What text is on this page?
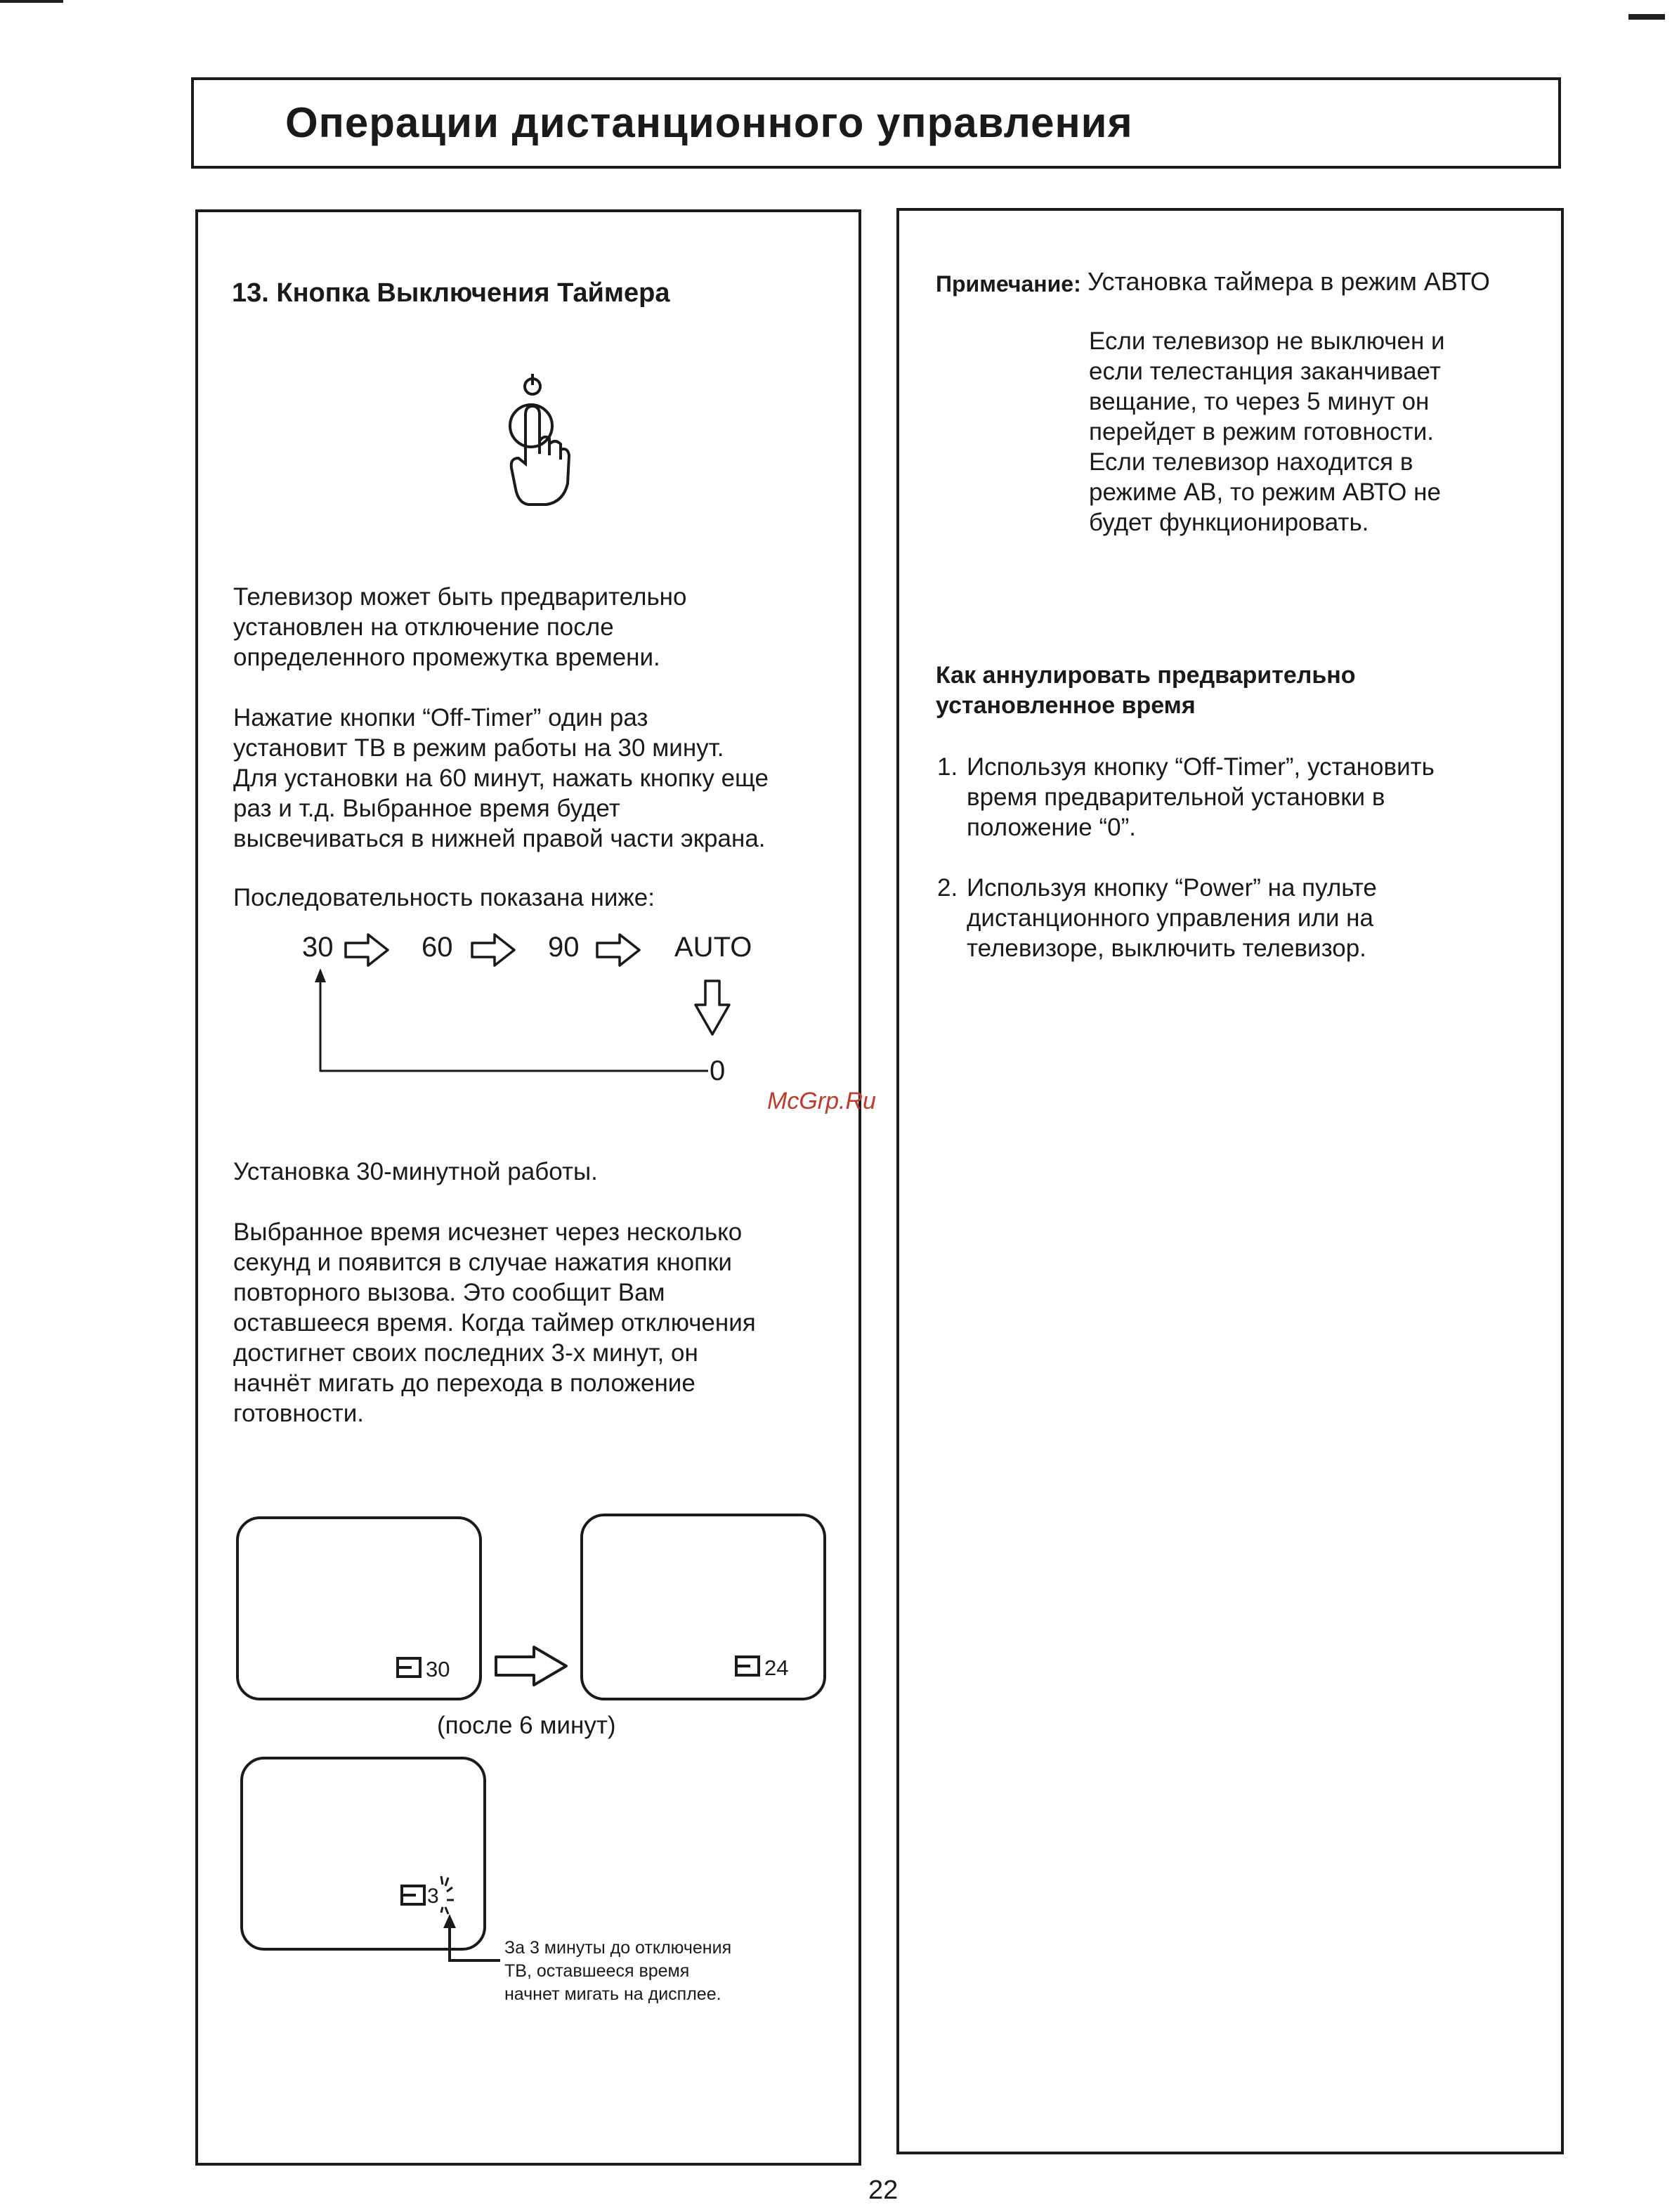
Операции дистанционного управления
13. Кнопка Выключения Таймера
Телевизор может быть предварительно
установлен на отключение после
определенного промежутка времени.
Нажатие кнопки “Off-Timer” один раз
установит ТВ в режим работы на 30 минут.
Для установки на 60 минут, нажать кнопку еще
раз и т.д. Выбранное время будет
высвечиваться в нижней правой части экрана.
Последовательность показана ниже:
30	60	90	AUTO
0
McGrp.Ru
Установка 30-минутной работы.
Выбранное время исчезнет через несколько
секунд и появится в случае нажатия кнопки
повторного вызова. Это сообщит Вам
оставшееся время. Когда таймер отключения
достигнет своих последних 3-х минут, он
начнёт мигать до перехода в положение
готовности.
30	24
(после 6 минут)
3
За 3 минуты до отключения
ТВ, оставшееся время
начнет мигать на дисплее.
Примечание: Установка таймера в режим АВТО
Если телевизор не выключен и
если телестанция заканчивает
вещание, то через 5 минут он
перейдет в режим готовности.
Если телевизор находится в
режиме АВ, то режим АВТО не
будет функционировать.
Как аннулировать предварительно
установленное время
1. Используя кнопку “Off-Timer”, установить
время предварительной установки в
положение “0”.
2. Используя кнопку “Power” на пульте
дистанционного управления или на
телевизоре, выключить телевизор.
22
